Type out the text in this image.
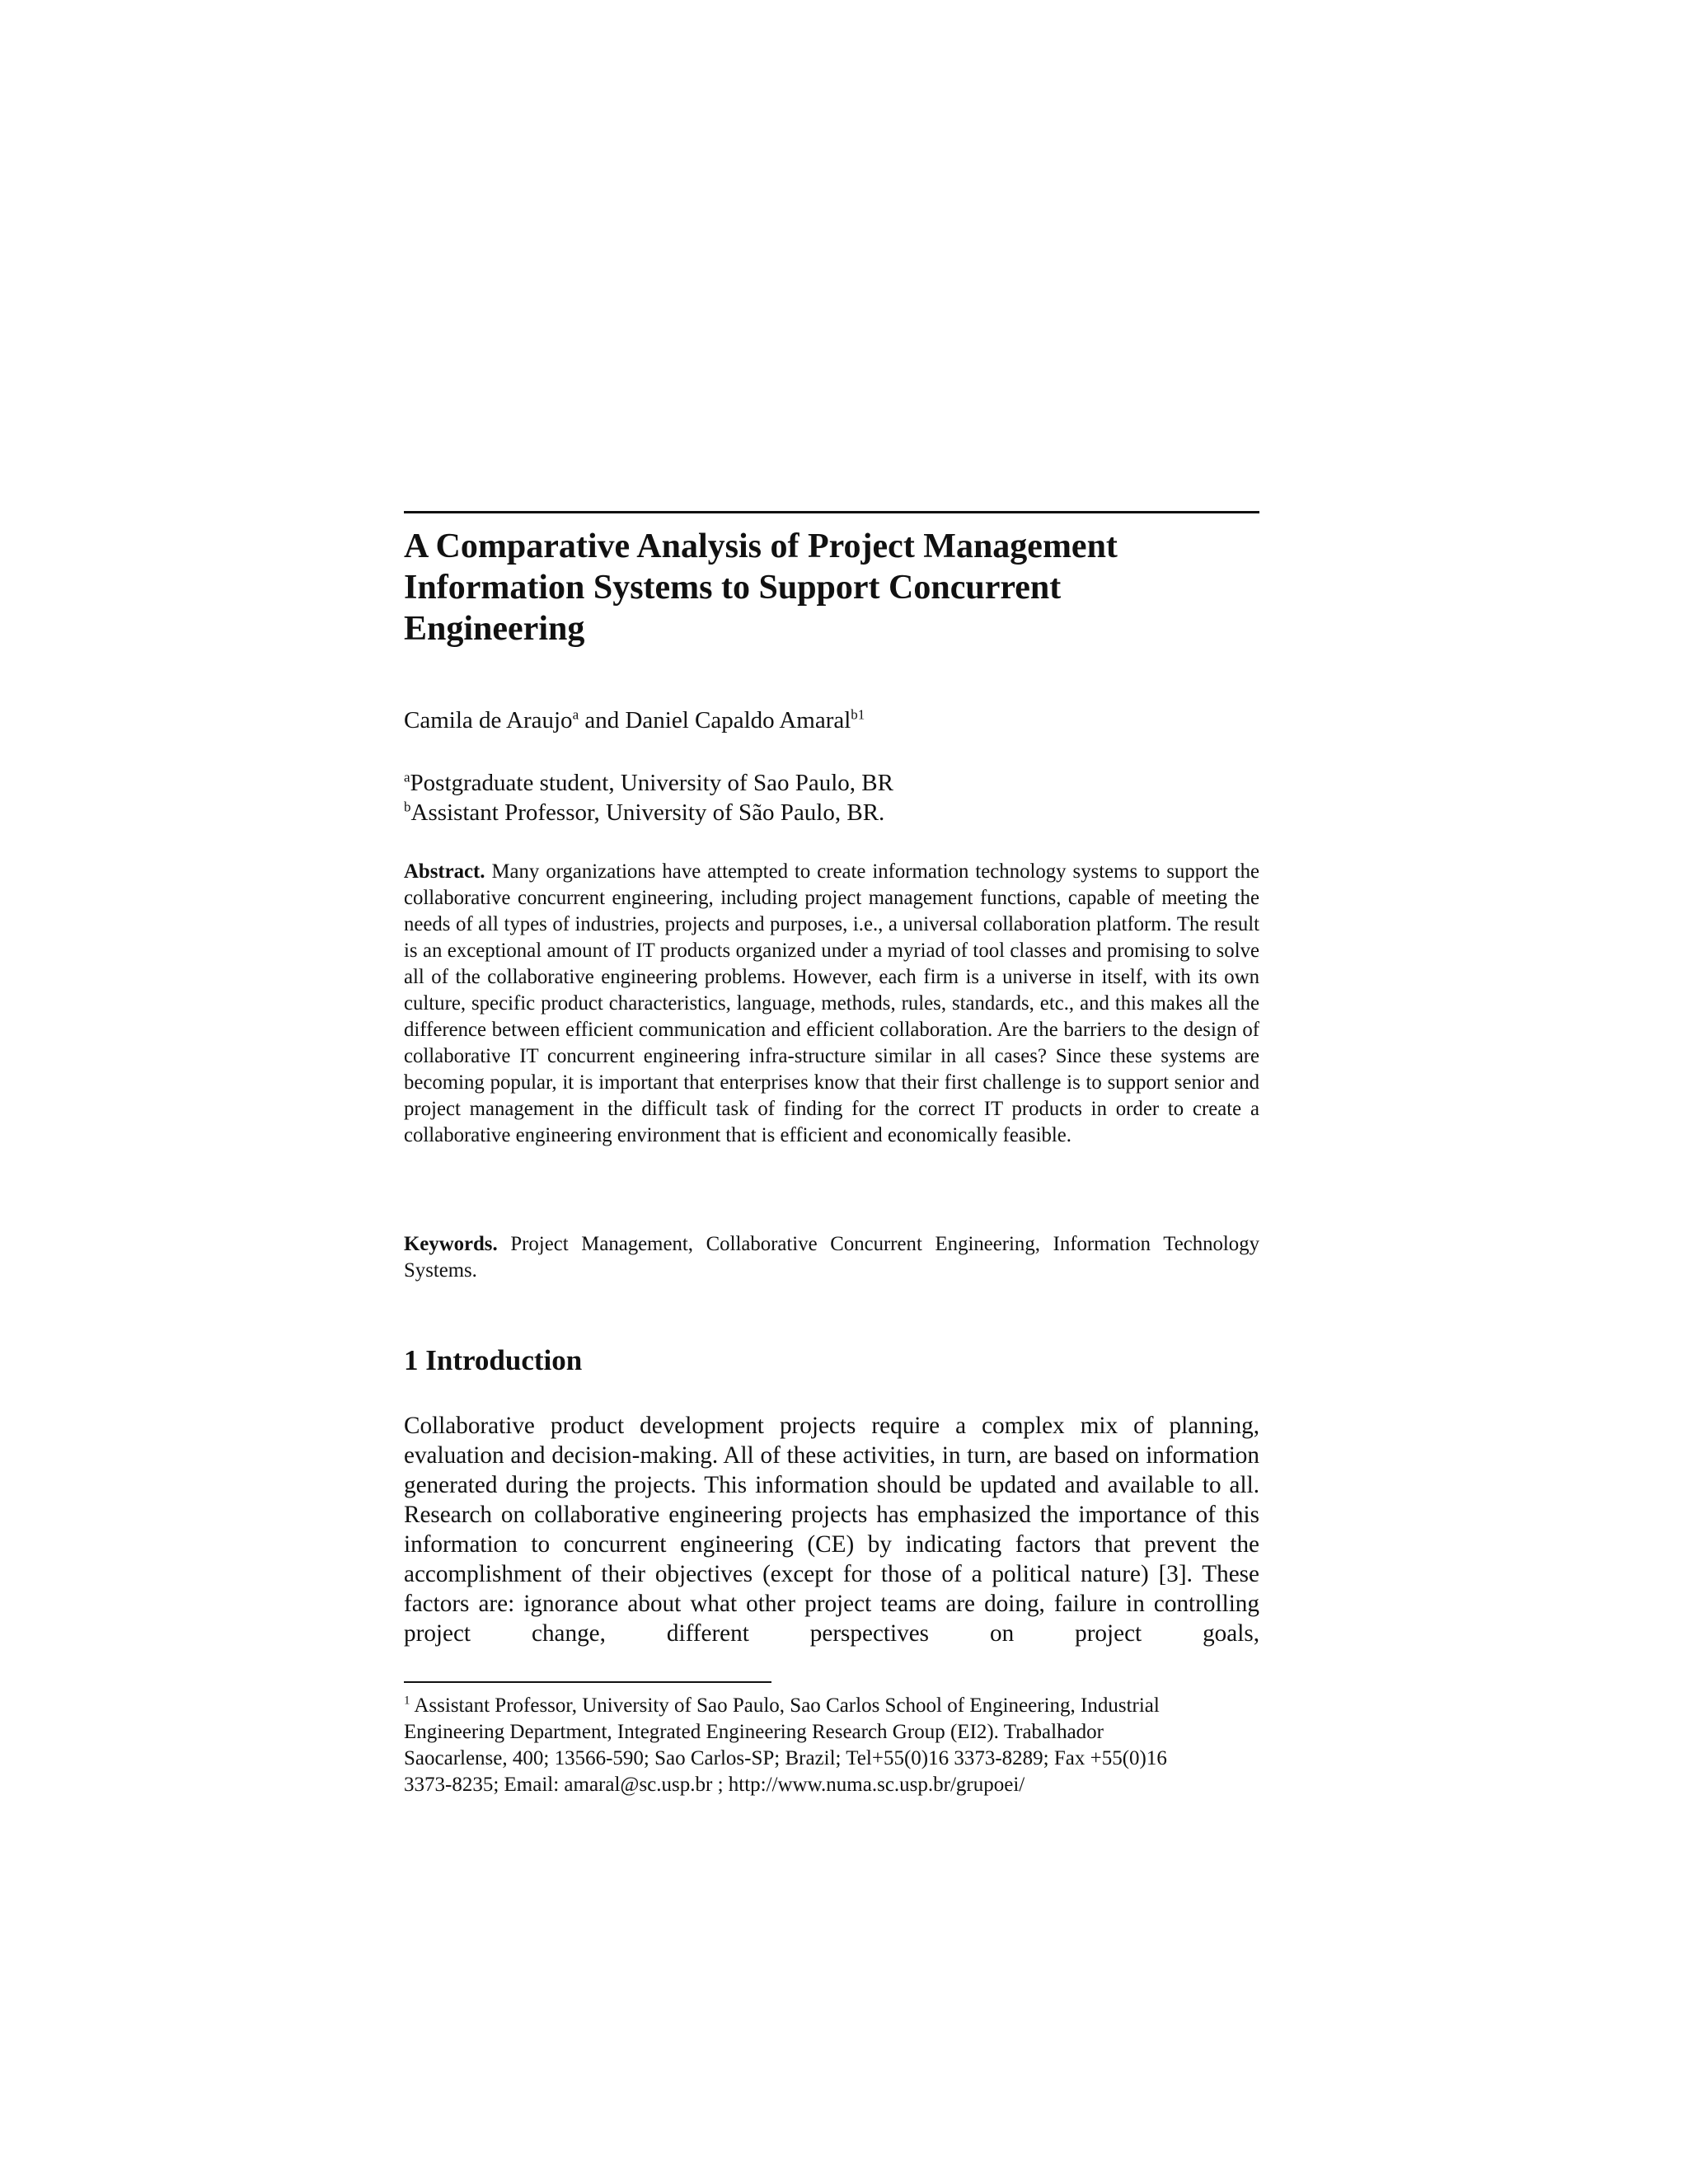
A Comparative Analysis of Project Management
Information Systems to Support Concurrent
Engineering
Camila de Araujo$^a$ and Daniel Capaldo Amaral$^{b1}$
$^a$Postgraduate student, University of Sao Paulo, BR
$^b$Assistant Professor, University of São Paulo, BR.

Abstract. Many organizations have attempted to create information technology systems to support the collaborative concurrent engineering, including project management functions, capable of meeting the needs of all types of industries, projects and purposes, i.e., a universal collaboration platform. The result is an exceptional amount of IT products organized under a myriad of tool classes and promising to solve all of the collaborative engineering problems. However, each firm is a universe in itself, with its own culture, specific product characteristics, language, methods, rules, standards, etc., and this makes all the difference between efficient communication and efficient collaboration. Are the barriers to the design of collaborative IT concurrent engineering infra-structure similar in all cases? Since these systems are becoming popular, it is important that enterprises know that their first challenge is to support senior and project management in the difficult task of finding for the correct IT products in order to create a collaborative engineering environment that is efficient and economically feasible.

Keywords. Project Management, Collaborative Concurrent Engineering, Information Technology Systems.

1 Introduction

Collaborative product development projects require a complex mix of planning, evaluation and decision-making. All of these activities, in turn, are based on information generated during the projects. This information should be updated and available to all. Research on collaborative engineering projects has emphasized the importance of this information to concurrent engineering (CE) by indicating factors that prevent the accomplishment of their objectives (except for those of a political nature) [3]. These factors are: ignorance about what other project teams are doing, failure in controlling project change, different perspectives on project goals,

$^1$ Assistant Professor, University of Sao Paulo, Sao Carlos School of Engineering, Industrial
Engineering Department, Integrated Engineering Research Group (EI2). Trabalhador
Saocarlense, 400; 13566-590; Sao Carlos-SP; Brazil; Tel+55(0)16 3373-8289; Fax +55(0)16
3373-8235; Email: amaral@sc.usp.br ; http://www.numa.sc.usp.br/grupoei/
